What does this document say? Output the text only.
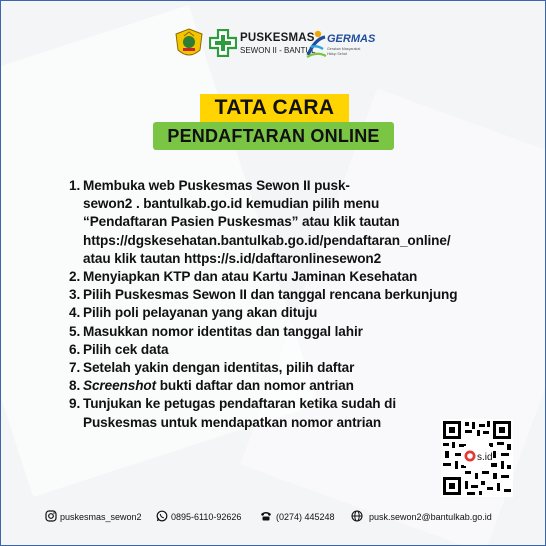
PUSKESMAS
SEWON II - BANTUL
GERMAS
Gerakan Masyarakat Hidup Sehat
TATA CARA
PENDAFTARAN ONLINE
1. Membuka web Puskesmas Sewon II pusk-
sewon2 . bantulkab.go.id kemudian pilih menu
“Pendaftaran Pasien Puskesmas” atau klik tautan
https://dgskesehatan.bantulkab.go.id/pendaftaran_online/
atau klik tautan https://s.id/daftaronlinesewon2
2. Menyiapkan KTP dan atau Kartu Jaminan Kesehatan
3. Pilih Puskesmas Sewon II dan tanggal rencana berkunjung
4. Pilih poli pelayanan yang akan dituju
5. Masukkan nomor identitas dan tanggal lahir
6. Pilih cek data
7. Setelah yakin dengan identitas, pilih daftar
8. Screenshot bukti daftar dan nomor antrian
9. Tunjukan ke petugas pendaftaran ketika sudah di
Puskesmas untuk mendapatkan nomor antrian
s.id
puskesmas_sewon2	0895-6110-92626	(0274) 445248	pusk.sewon2@bantulkab.go.id
